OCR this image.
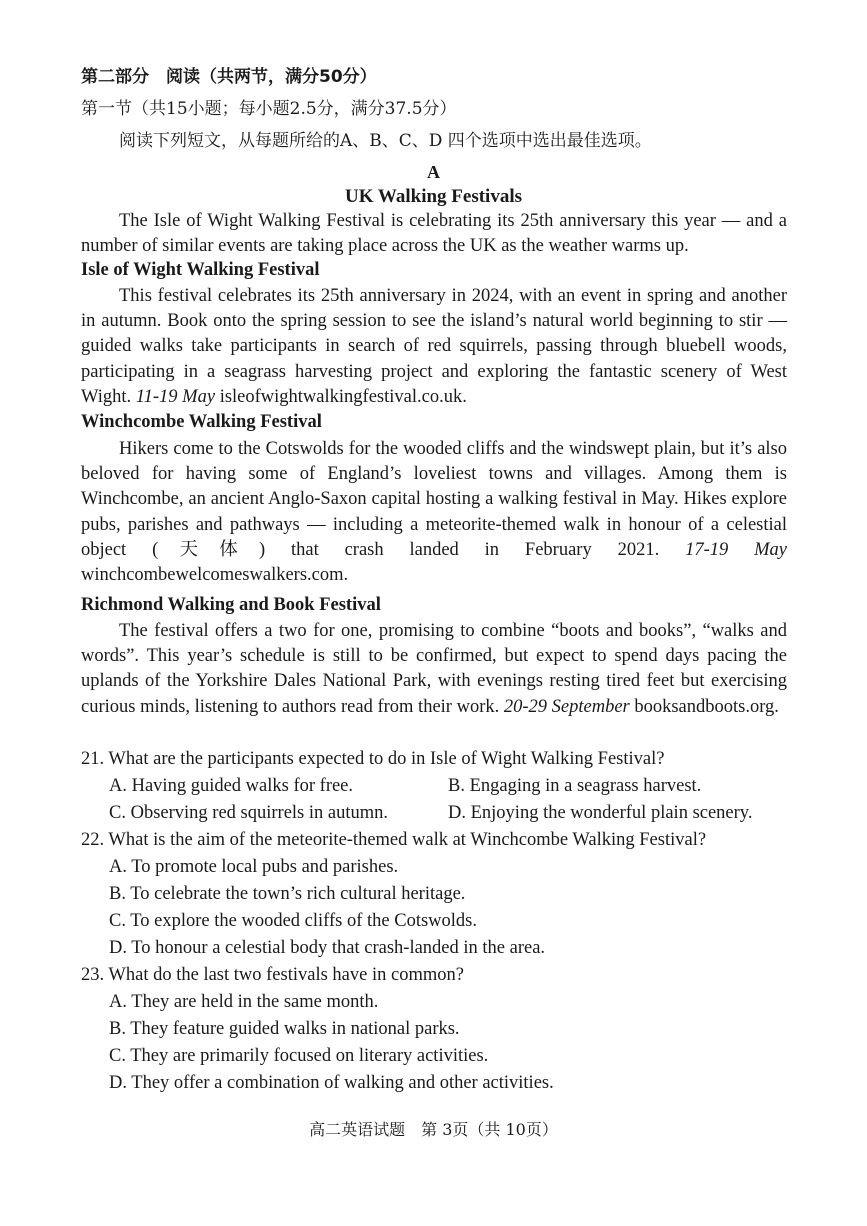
第二部分　阅读（共两节，满分50分）
第一节（共15小题；每小题2.5分，满分37.5分）
阅读下列短文，从每题所给的A、B、C、D 四个选项中选出最佳选项。
A
UK Walking Festivals

The Isle of Wight Walking Festival is celebrating its 25th anniversary this year — and a number of similar events are taking place across the UK as the weather warms up.

Isle of Wight Walking Festival

This festival celebrates its 25th anniversary in 2024, with an event in spring and another in autumn. Book onto the spring session to see the island’s natural world beginning to stir — guided walks take participants in search of red squirrels, passing through bluebell woods, participating in a seagrass harvesting project and exploring the fantastic scenery of West Wight. 11-19 May isleofwightwalkingfestival.co.uk.

Winchcombe Walking Festival

Hikers come to the Cotswolds for the wooded cliffs and the windswept plain, but it’s also beloved for having some of England’s loveliest towns and villages. Among them is Winchcombe, an ancient Anglo-Saxon capital hosting a walking festival in May. Hikes explore pubs, parishes and pathways — including a meteorite-themed walk in honour of a celestial object (天体) that crash landed in February 2021. 17-19 May winchcombewelcomeswalkers.com.

Richmond Walking and Book Festival

The festival offers a two for one, promising to combine “boots and books”, “walks and words”. This year’s schedule is still to be confirmed, but expect to spend days pacing the uplands of the Yorkshire Dales National Park, with evenings resting tired feet but exercising curious minds, listening to authors read from their work. 20-29 September booksandboots.org.

21. What are the participants expected to do in Isle of Wight Walking Festival?
A. Having guided walks for free.	B. Engaging in a seagrass harvest.
C. Observing red squirrels in autumn.	D. Enjoying the wonderful plain scenery.
22. What is the aim of the meteorite-themed walk at Winchcombe Walking Festival?
A. To promote local pubs and parishes.
B. To celebrate the town’s rich cultural heritage.
C. To explore the wooded cliffs of the Cotswolds.
D. To honour a celestial body that crash-landed in the area.
23. What do the last two festivals have in common?
A. They are held in the same month.
B. They feature guided walks in national parks.
C. They are primarily focused on literary activities.
D. They offer a combination of walking and other activities.
高二英语试题　第 3页（共 10页）
